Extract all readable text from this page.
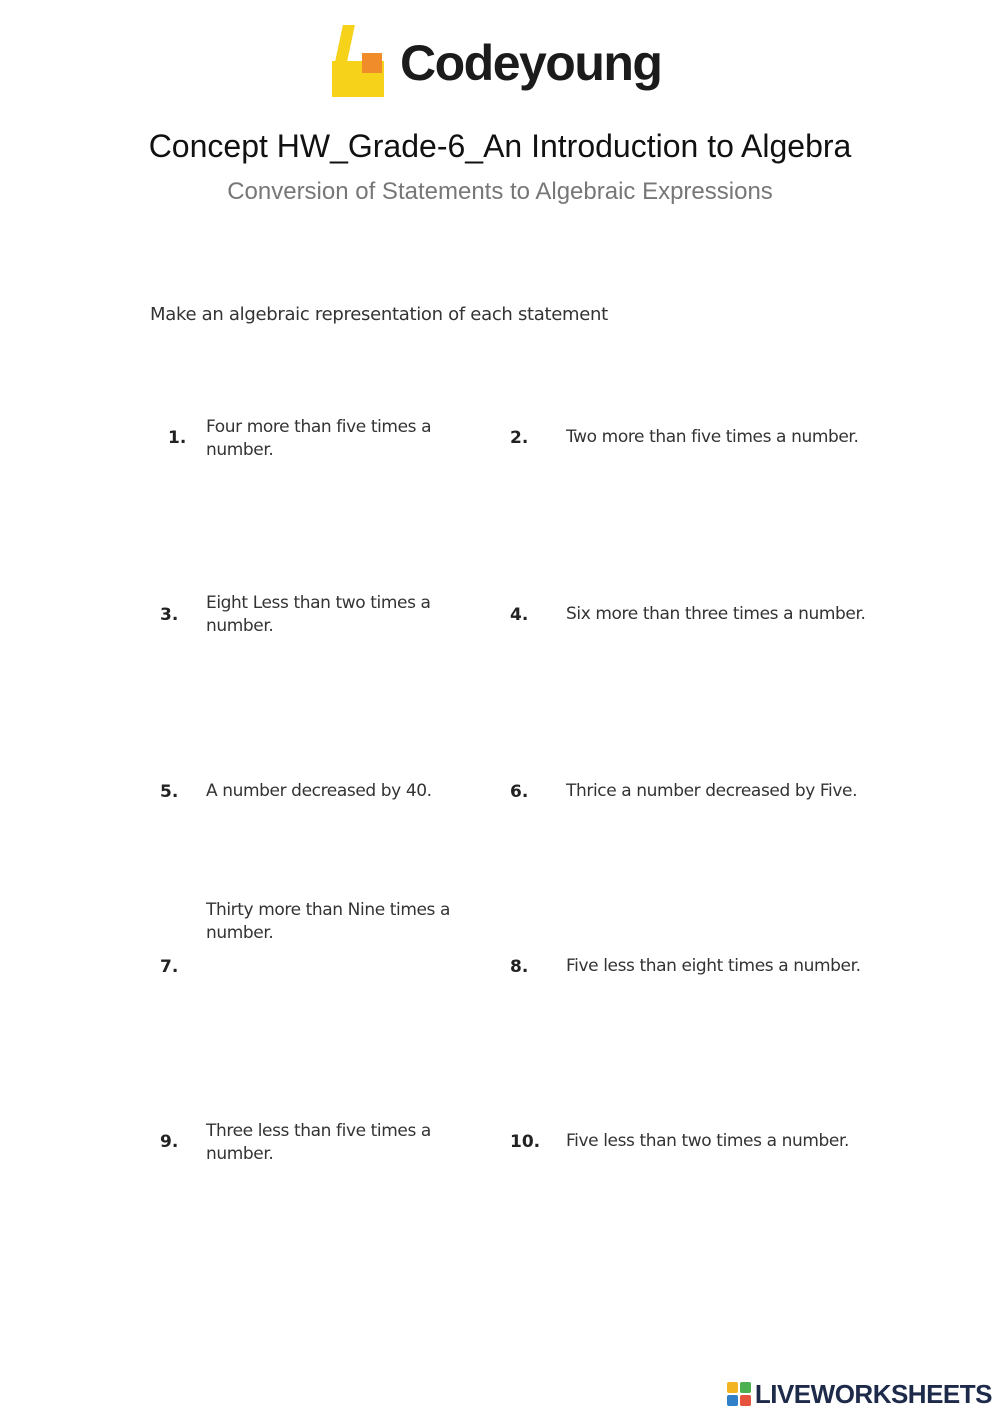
Codeyoung
Concept HW_Grade-6_An Introduction to Algebra
Conversion of Statements to Algebraic Expressions
Make an algebraic representation of each statement
1.
Four more than five times a number.
2. Two more than five times a number.
3.
Eight Less than two times a number.
4. Six more than three times a number.
5. A number decreased by 40.	6. Thrice a number decreased by Five.
Thirty more than Nine times a number.
7.	8. Five less than eight times a number.
9.
Three less than five times a number.
10. Five less than two times a number.
LIVEWORKSHEETS
